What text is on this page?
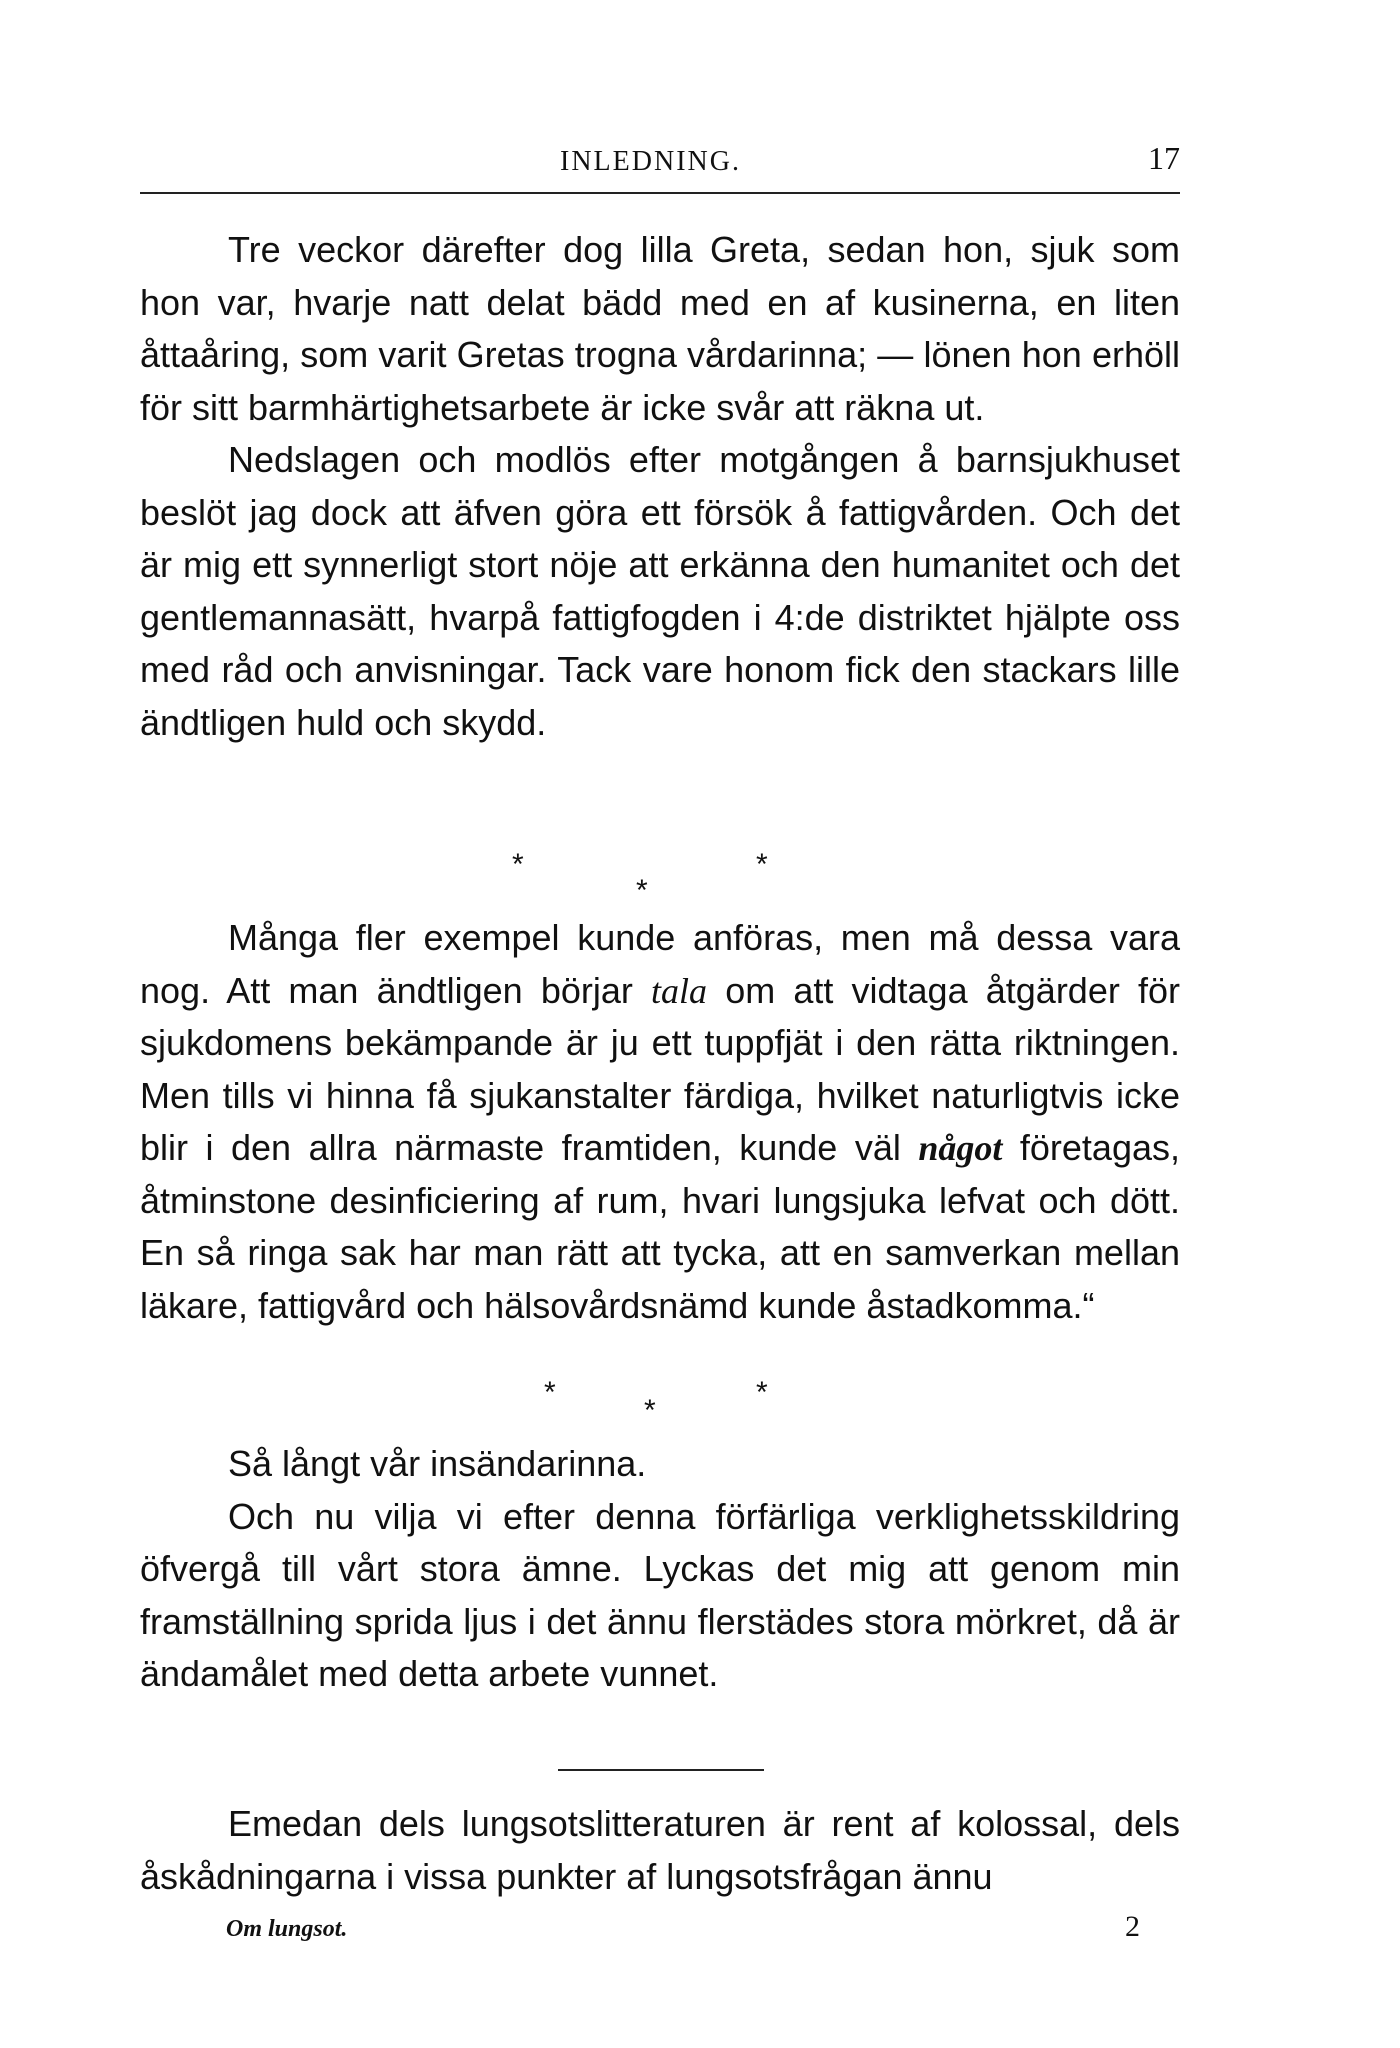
INLEDNING.	17

Tre veckor därefter dog lilla Greta, sedan hon, sjuk som hon var, hvarje natt delat bädd med en af kusinerna, en liten åttaåring, som varit Gretas trogna vårdarinna; — lönen hon erhöll för sitt barmhärtighetsarbete är icke svår att räkna ut.

Nedslagen och modlös efter motgången å barnsjukhuset beslöt jag dock att äfven göra ett försök å fattigvården. Och det är mig ett synnerligt stort nöje att erkänna den humanitet och det gentlemannasätt, hvarpå fattigfogden i 4:de distriktet hjälpte oss med råd och anvisningar. Tack vare honom fick den stackars lille ändtligen huld och skydd.

*	*
*

Många fler exempel kunde anföras, men må dessa vara nog. Att man ändtligen börjar tala om att vidtaga åtgärder för sjukdomens bekämpande är ju ett tuppfjät i den rätta riktningen. Men tills vi hinna få sjukanstalter färdiga, hvilket naturligtvis icke blir i den allra närmaste framtiden, kunde väl något företagas, åtminstone desinficiering af rum, hvari lungsjuka lefvat och dött. En så ringa sak har man rätt att tycka, att en samverkan mellan läkare, fattigvård och hälsovårdsnämd kunde åstadkomma.“

*	*
*

Så långt vår insändarinna.

Och nu vilja vi efter denna förfärliga verklighetsskildring öfvergå till vårt stora ämne. Lyckas det mig att genom min framställning sprida ljus i det ännu flerstädes stora mörkret, då är ändamålet med detta arbete vunnet.

Emedan dels lungsotslitteraturen är rent af kolossal, dels åskådningarna i vissa punkter af lungsotsfrågan ännu

Om lungsot.	2
